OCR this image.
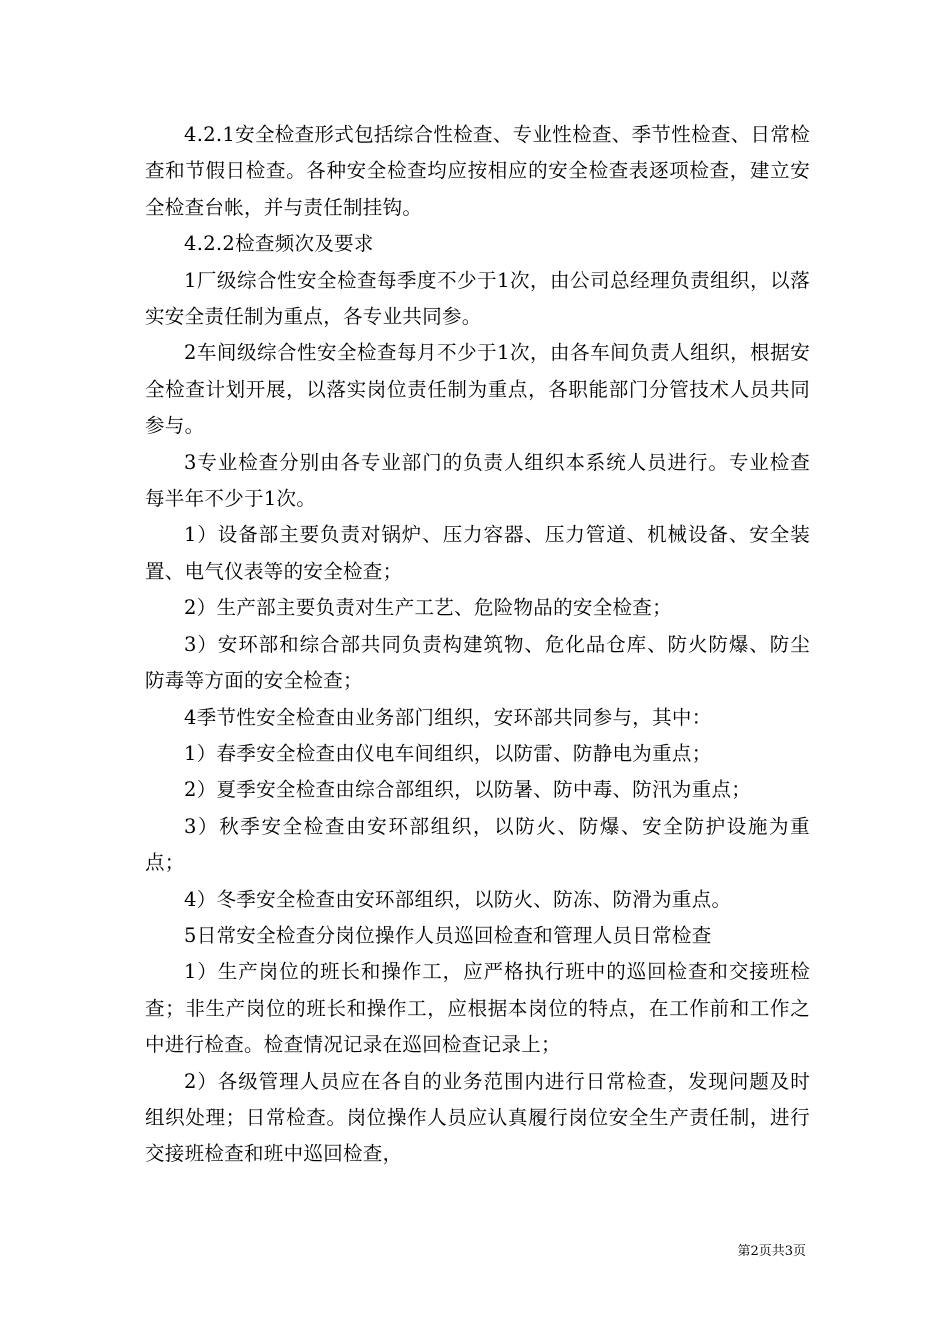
4.2.1安全检查形式包括综合性检查、专业性检查、季节性检查、日常检查和节假日检查。各种安全检查均应按相应的安全检查表逐项检查，建立安全检查台帐，并与责任制挂钩。

4.2.2检查频次及要求

1厂级综合性安全检查每季度不少于1次，由公司总经理负责组织，以落实安全责任制为重点，各专业共同参。

2车间级综合性安全检查每月不少于1次，由各车间负责人组织，根据安全检查计划开展，以落实岗位责任制为重点，各职能部门分管技术人员共同参与。

3专业检查分别由各专业部门的负责人组织本系统人员进行。专业检查每半年不少于1次。

1）设备部主要负责对锅炉、压力容器、压力管道、机械设备、安全装置、电气仪表等的安全检查；

2）生产部主要负责对生产工艺、危险物品的安全检查；

3）安环部和综合部共同负责构建筑物、危化品仓库、防火防爆、防尘防毒等方面的安全检查；

4季节性安全检查由业务部门组织，安环部共同参与，其中：

1）春季安全检查由仪电车间组织，以防雷、防静电为重点；

2）夏季安全检查由综合部组织，以防暑、防中毒、防汛为重点；

3）秋季安全检查由安环部组织，以防火、防爆、安全防护设施为重点；

4）冬季安全检查由安环部组织，以防火、防冻、防滑为重点。

5日常安全检查分岗位操作人员巡回检查和管理人员日常检查

1）生产岗位的班长和操作工，应严格执行班中的巡回检查和交接班检查；非生产岗位的班长和操作工，应根据本岗位的特点，在工作前和工作之中进行检查。检查情况记录在巡回检查记录上；

2）各级管理人员应在各自的业务范围内进行日常检查，发现问题及时组织处理；日常检查。岗位操作人员应认真履行岗位安全生产责任制，进行交接班检查和班中巡回检查，

第2页共3页
